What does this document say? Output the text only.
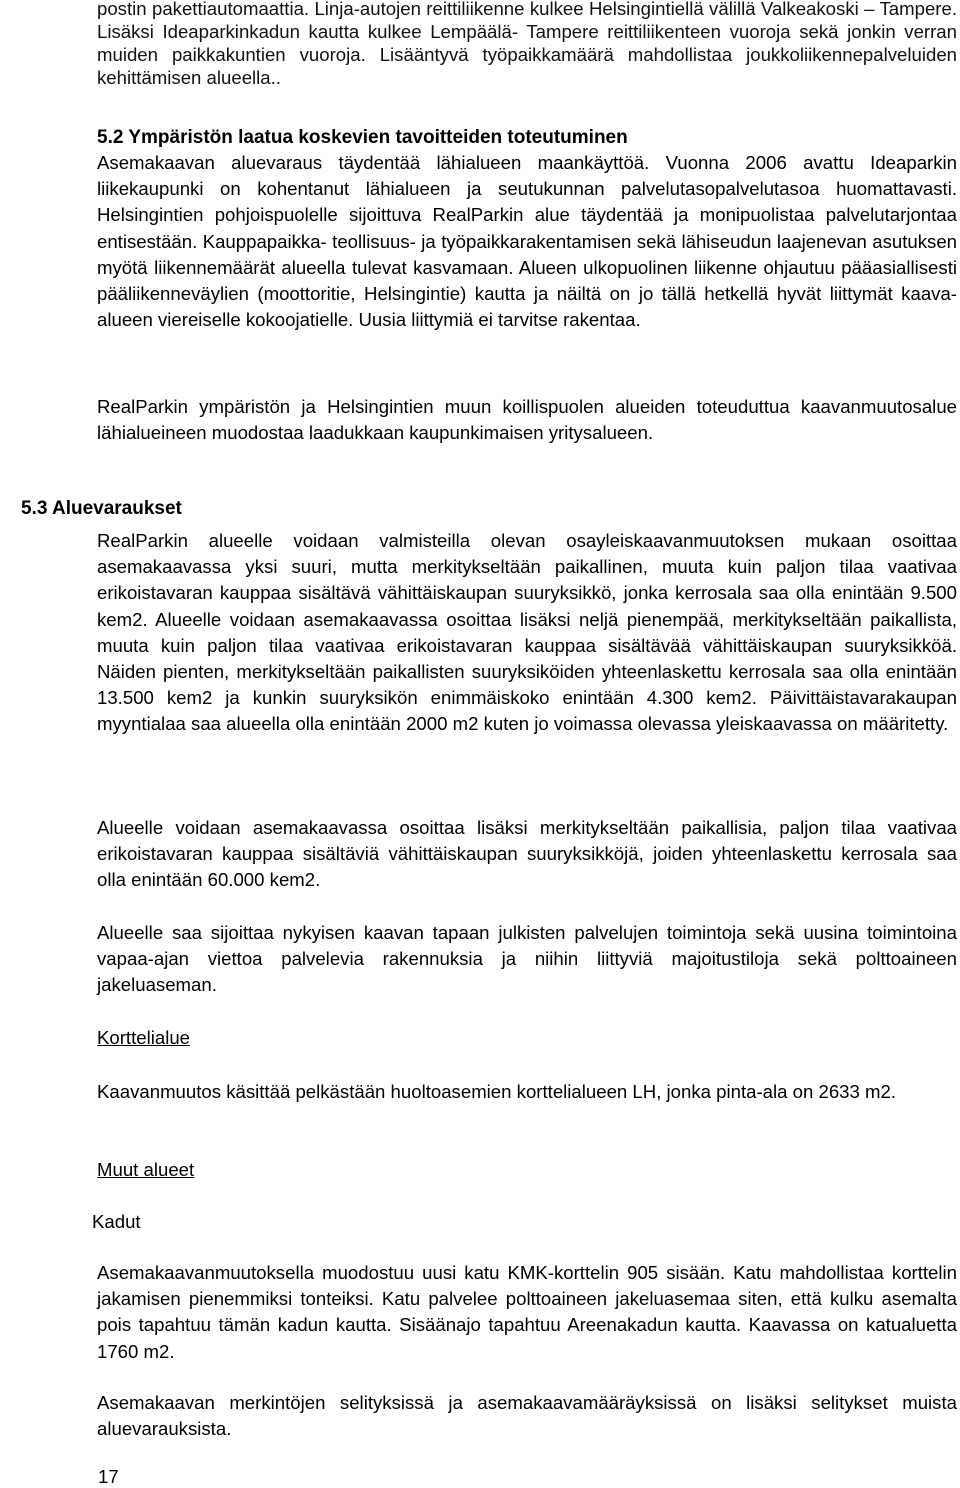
postin pakettiautomaattia. Linja-autojen reittiliikenne kulkee Helsingintiellä välillä Valkeakoski – Tampere. Lisäksi Ideaparkinkadun kautta kulkee Lempäälä- Tampere reittiliikenteen vuoroja sekä jonkin verran muiden paikkakuntien vuoroja. Lisääntyvä työpaikkamäärä mahdollistaa joukkoliikennepalveluiden kehittämisen alueella..

5.2 Ympäristön laatua koskevien tavoitteiden toteutuminen

Asemakaavan aluevaraus täydentää lähialueen maankäyttöä. Vuonna 2006 avattu Ideaparkin liikekaupunki on kohentanut lähialueen ja seutukunnan palvelutasopalvelutasoa huomattavasti. Helsingintien pohjoispuolelle sijoittuva RealParkin alue täydentää ja monipuolistaa palvelutarjontaa entisestään. Kauppapaikka- teollisuus- ja työpaikkarakentamisen sekä lähiseudun laajenevan asutuksen myötä liikennemäärät alueella tulevat kasvamaan. Alueen ulkopuolinen liikenne ohjautuu pääasiallisesti pääliikenneväylien (moottoritie, Helsingintie) kautta ja näiltä on jo tällä hetkellä hyvät liittymät kaava-alueen viereiselle kokoojatielle. Uusia liittymiä ei tarvitse rakentaa.

RealParkin ympäristön ja Helsingintien muun koillispuolen alueiden toteuduttua kaavanmuutosalue lähialueineen muodostaa laadukkaan kaupunkimaisen yritysalueen.

5.3 Aluevaraukset

RealParkin alueelle voidaan valmisteilla olevan osayleiskaavanmuutoksen mukaan osoittaa asemakaavassa yksi suuri, mutta merkitykseltään paikallinen, muuta kuin paljon tilaa vaativaa erikoistavaran kauppaa sisältävä vähittäiskaupan suuryksikkö, jonka kerrosala saa olla enintään 9.500 kem2. Alueelle voidaan asemakaavassa osoittaa lisäksi neljä pienempää, merkitykseltään paikallista, muuta kuin paljon tilaa vaativaa erikoistavaran kauppaa sisältävää vähittäiskaupan suuryksikköä. Näiden pienten, merkitykseltään paikallisten suuryksiköiden yhteenlaskettu kerrosala saa olla enintään 13.500 kem2 ja kunkin suuryksikön enimmäiskoko enintään 4.300 kem2. Päivittäistavarakaupan myyntialaa saa alueella olla enintään 2000 m2 kuten jo voimassa olevassa yleiskaavassa on määritetty.

Alueelle voidaan asemakaavassa osoittaa lisäksi merkitykseltään paikallisia, paljon tilaa vaativaa erikoistavaran kauppaa sisältäviä vähittäiskaupan suuryksikköjä, joiden yhteenlaskettu kerrosala saa olla enintään 60.000 kem2.

Alueelle saa sijoittaa nykyisen kaavan tapaan julkisten palvelujen toimintoja sekä uusina toimintoina vapaa-ajan viettoa palvelevia rakennuksia ja niihin liittyviä majoitustiloja sekä polttoaineen jakeluaseman.

Korttelialue

Kaavanmuutos käsittää pelkästään huoltoasemien korttelialueen LH, jonka pinta-ala on 2633 m2.

Muut alueet

Kadut

Asemakaavanmuutoksella muodostuu uusi katu KMK-korttelin 905 sisään. Katu mahdollistaa korttelin jakamisen pienemmiksi tonteiksi. Katu palvelee polttoaineen jakeluasemaa siten, että kulku asemalta pois tapahtuu tämän kadun kautta. Sisäänajo tapahtuu Areenakadun kautta. Kaavassa on katualuetta 1760 m2.

Asemakaavan merkintöjen selityksissä ja asemakaavamääräyksissä on lisäksi selitykset muista aluevarauksista.

17
